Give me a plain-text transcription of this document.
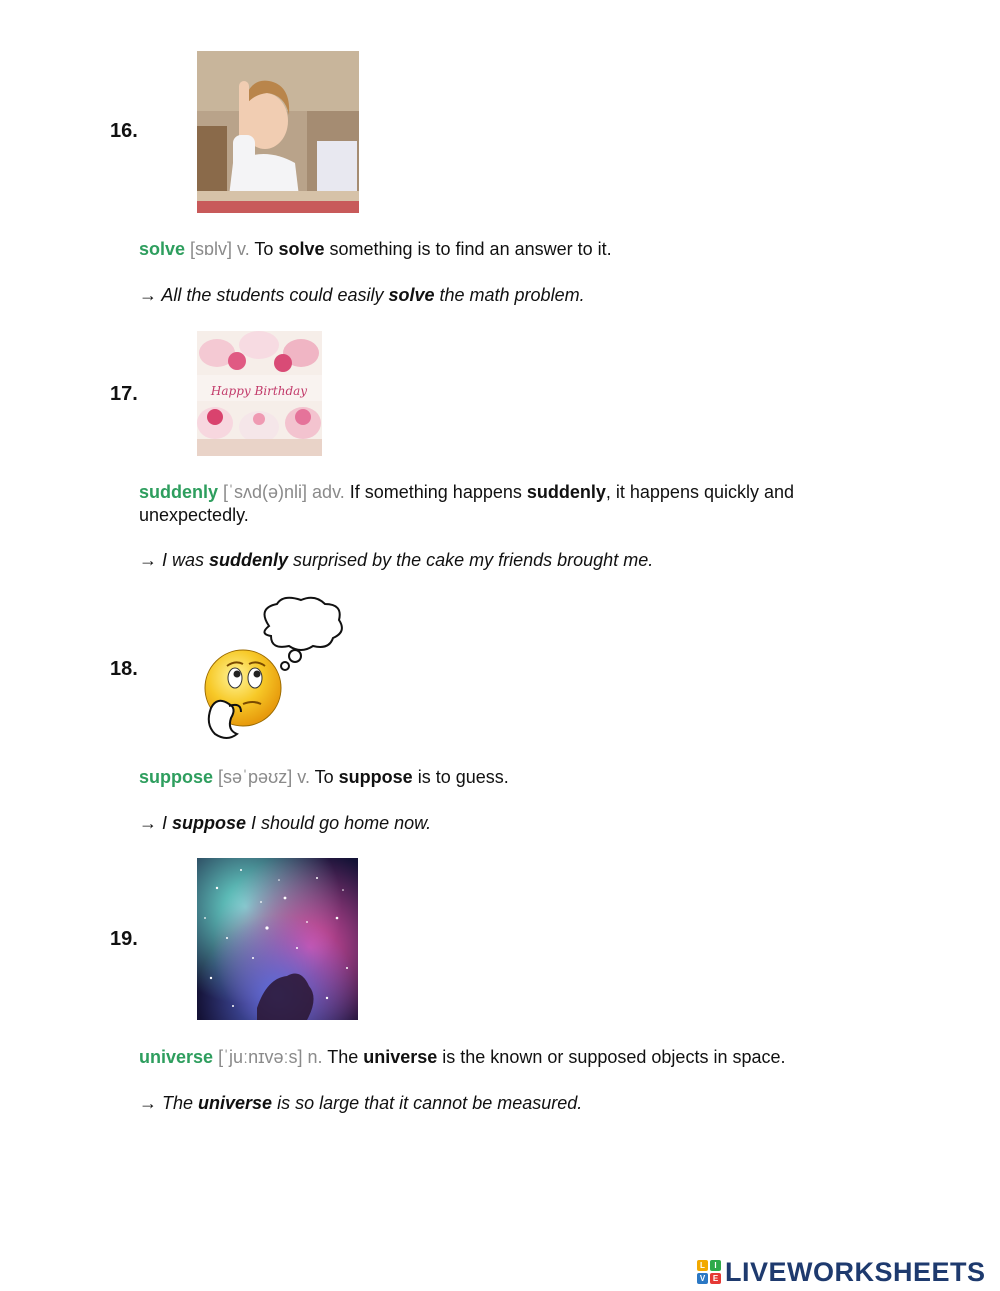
16.
solve [sɒlv] v. To solve something is to find an answer to it.
→ All the students could easily solve the math problem.
17.	Happy Birthday
suddenly [ˈsʌd(ə)nli] adv. If something happens suddenly, it happens quickly and unexpectedly.
→ I was suddenly surprised by the cake my friends brought me.
18.
suppose [səˈpəʊz] v. To suppose is to guess.
→ I suppose I should go home now.
19.
universe [ˈjuːnɪvəːs] n. The universe is the known or supposed objects in space.
→ The universe is so large that it cannot be measured.
L	I
V E LIVEWORKSHEETS
